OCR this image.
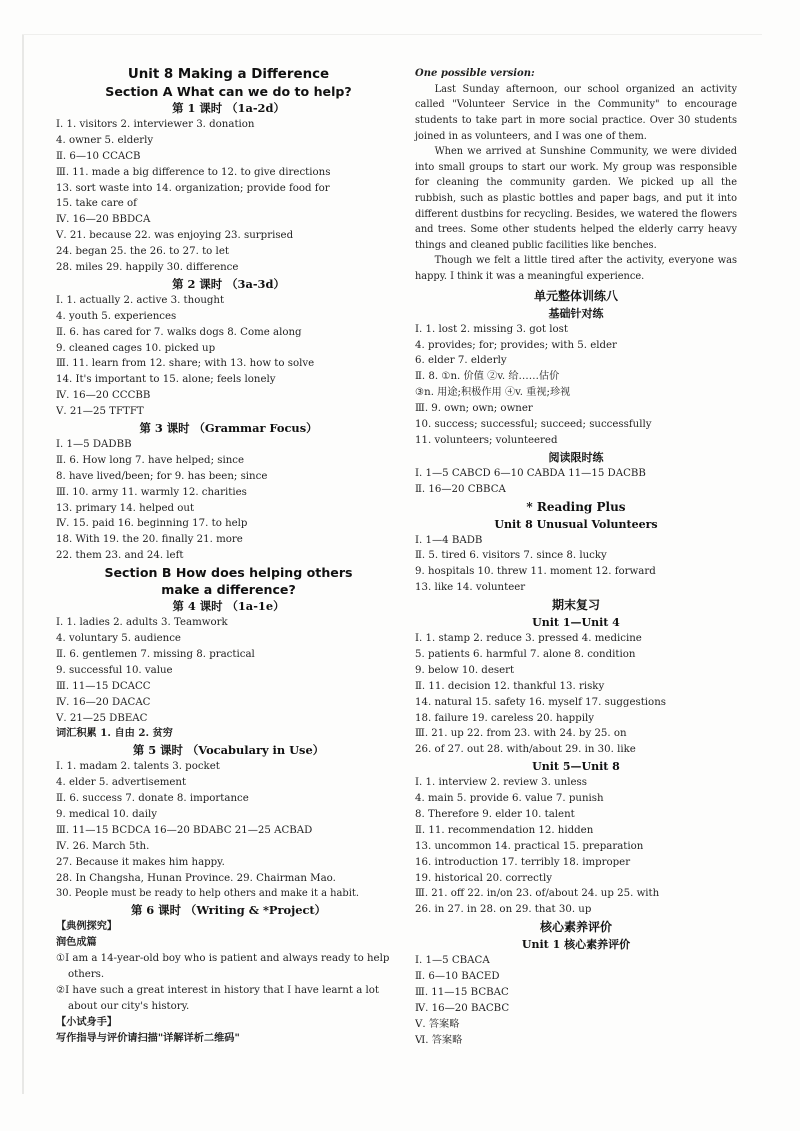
Unit 8 Making a Difference
Section A What can we do to help?
第 1 课时 （1a-2d）
Ⅰ. 1. visitors 2. interviewer 3. donation
4. owner 5. elderly
Ⅱ. 6—10 CCACB
Ⅲ. 11. made a big difference to 12. to give directions
13. sort waste into 14. organization; provide food for
15. take care of
Ⅳ. 16—20 BBDCA
Ⅴ. 21. because 22. was enjoying 23. surprised
24. began 25. the 26. to 27. to let
28. miles 29. happily 30. difference
第 2 课时 （3a-3d）
Ⅰ. 1. actually 2. active 3. thought
4. youth 5. experiences
Ⅱ. 6. has cared for 7. walks dogs 8. Come along
9. cleaned cages 10. picked up
Ⅲ. 11. learn from 12. share; with 13. how to solve
14. It's important to 15. alone; feels lonely
Ⅳ. 16—20 CCCBB
Ⅴ. 21—25 TFTFT
第 3 课时 （Grammar Focus）
Ⅰ. 1—5 DADBB
Ⅱ. 6. How long 7. have helped; since
8. have lived/been; for 9. has been; since
Ⅲ. 10. army 11. warmly 12. charities
13. primary 14. helped out
Ⅳ. 15. paid 16. beginning 17. to help
18. With 19. the 20. finally 21. more
22. them 23. and 24. left
Section B How does helping others
make a difference?
第 4 课时 （1a-1e）
Ⅰ. 1. ladies 2. adults 3. Teamwork
4. voluntary 5. audience
Ⅱ. 6. gentlemen 7. missing 8. practical
9. successful 10. value
Ⅲ. 11—15 DCACC
Ⅳ. 16—20 DACAC
Ⅴ. 21—25 DBEAC
词汇积累 1. 自由 2. 贫穷
第 5 课时 （Vocabulary in Use）
Ⅰ. 1. madam 2. talents 3. pocket
4. elder 5. advertisement
Ⅱ. 6. success 7. donate 8. importance
9. medical 10. daily
Ⅲ. 11—15 BCDCA 16—20 BDABC 21—25 ACBAD
Ⅳ. 26. March 5th.
27. Because it makes him happy.
28. In Changsha, Hunan Province. 29. Chairman Mao.
30. People must be ready to help others and make it a habit.
第 6 课时 （Writing & *Project）
【典例探究】
润色成篇
①I am a 14-year-old boy who is patient and always ready to help
others.
②I have such a great interest in history that I have learnt a lot
about our city's history.
【小试身手】
写作指导与评价请扫描"详解详析二维码"
One possible version:

Last Sunday afternoon, our school organized an activity called "Volunteer Service in the Community" to encourage students to take part in more social practice. Over 30 students joined in as volunteers, and I was one of them.

When we arrived at Sunshine Community, we were divided into small groups to start our work. My group was responsible for cleaning the community garden. We picked up all the rubbish, such as plastic bottles and paper bags, and put it into different dustbins for recycling. Besides, we watered the flowers and trees. Some other students helped the elderly carry heavy things and cleaned public facilities like benches.

Though we felt a little tired after the activity, everyone was happy. I think it was a meaningful experience.

单元整体训练八
基础针对练
Ⅰ. 1. lost 2. missing 3. got lost
4. provides; for; provides; with 5. elder
6. elder 7. elderly
Ⅱ. 8. ①n. 价值 ②v. 给……估价
③n. 用途;积极作用 ④v. 重视;珍视
Ⅲ. 9. own; own; owner
10. success; successful; succeed; successfully
11. volunteers; volunteered
阅读限时练
Ⅰ. 1—5 CABCD 6—10 CABDA 11—15 DACBB
Ⅱ. 16—20 CBBCA
* Reading Plus
Unit 8 Unusual Volunteers
Ⅰ. 1—4 BADB
Ⅱ. 5. tired 6. visitors 7. since 8. lucky
9. hospitals 10. threw 11. moment 12. forward
13. like 14. volunteer
期末复习
Unit 1—Unit 4
Ⅰ. 1. stamp 2. reduce 3. pressed 4. medicine
5. patients 6. harmful 7. alone 8. condition
9. below 10. desert
Ⅱ. 11. decision 12. thankful 13. risky
14. natural 15. safety 16. myself 17. suggestions
18. failure 19. careless 20. happily
Ⅲ. 21. up 22. from 23. with 24. by 25. on
26. of 27. out 28. with/about 29. in 30. like
Unit 5—Unit 8
Ⅰ. 1. interview 2. review 3. unless
4. main 5. provide 6. value 7. punish
8. Therefore 9. elder 10. talent
Ⅱ. 11. recommendation 12. hidden
13. uncommon 14. practical 15. preparation
16. introduction 17. terribly 18. improper
19. historical 20. correctly
Ⅲ. 21. off 22. in/on 23. of/about 24. up 25. with
26. in 27. in 28. on 29. that 30. up
核心素养评价
Unit 1 核心素养评价
Ⅰ. 1—5 CBACA
Ⅱ. 6—10 BACED
Ⅲ. 11—15 BCBAC
Ⅳ. 16—20 BACBC
Ⅴ. 答案略
Ⅵ. 答案略
